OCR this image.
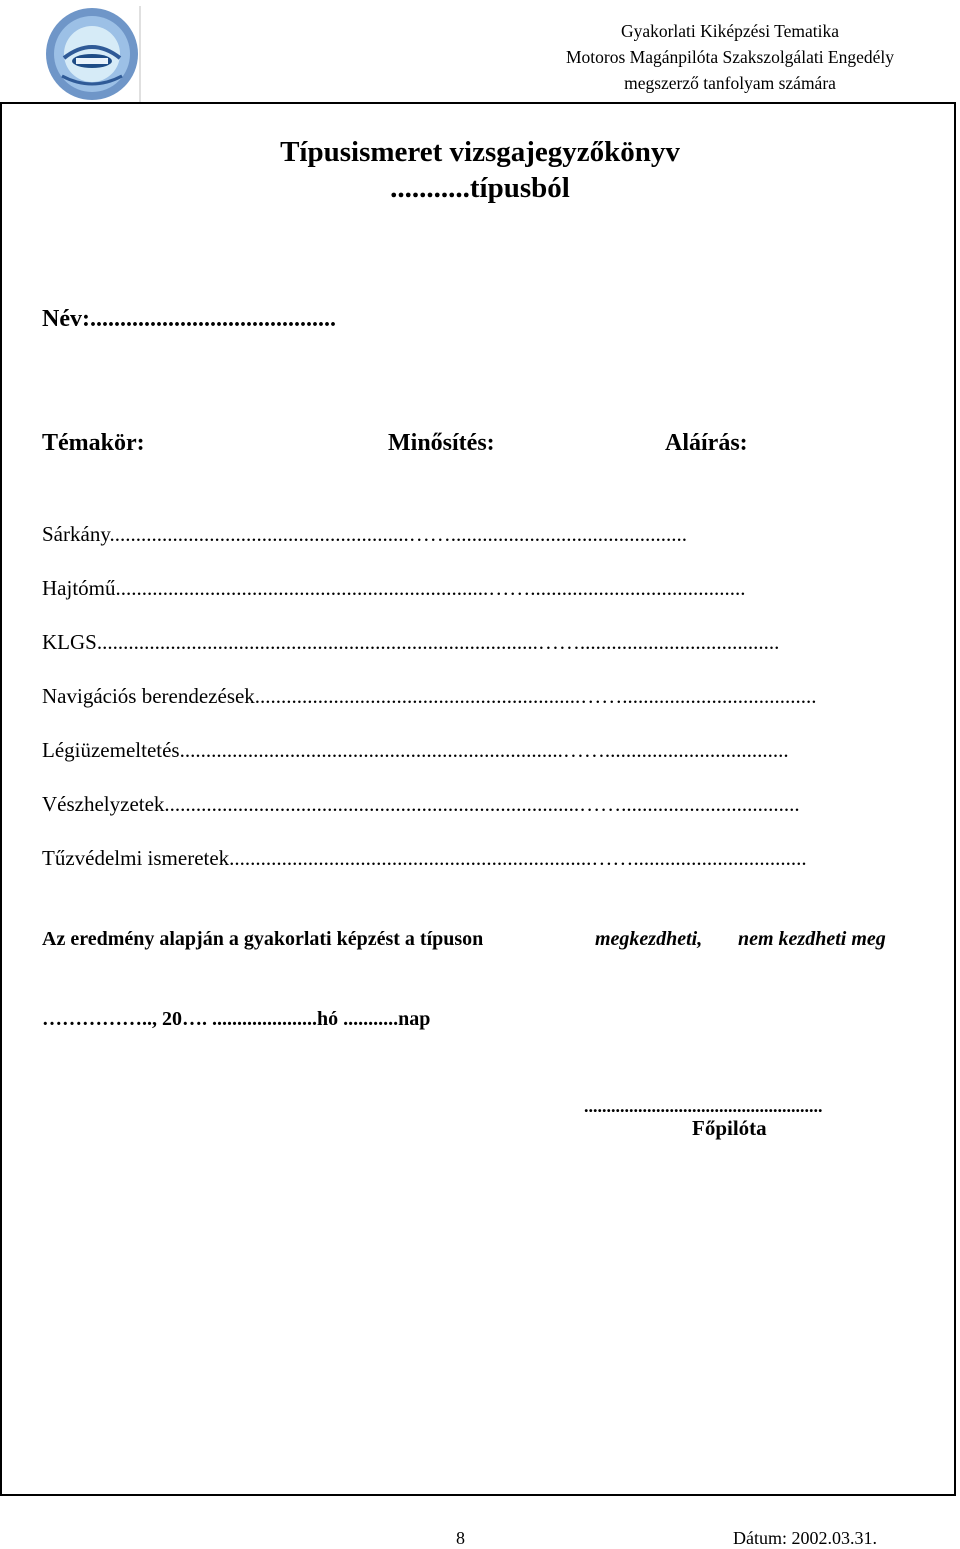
Gyakorlati Kiképzési Tematika
Motoros Magánpilóta Szakszolgálati Engedély
megszerző tanfolyam számára
Típusismeret vizsgajegyzőkönyv
...........típusból
Név:.........................................
Témakör:	Minősítés:	Aláírás:
Sárkány.........................................................…….............................................
Hajtómű.......................................................................…….........................................
KLGS....................................................................................……......................................
Navigációs berendezések..............................................................…….....................................
Légiüzemeltetés.........................................................................……...................................
Vészhelyzetek...............................................................................……..................................
Tűzvédelmi ismeretek.....................................................................…….................................
Az eredmény alapján a gyakorlati képzést a típuson	megkezdheti, nem kezdheti meg
…………….., 20…. .....................hó ...........nap
.....................................................
Főpilóta
8	Dátum: 2002.03.31.
